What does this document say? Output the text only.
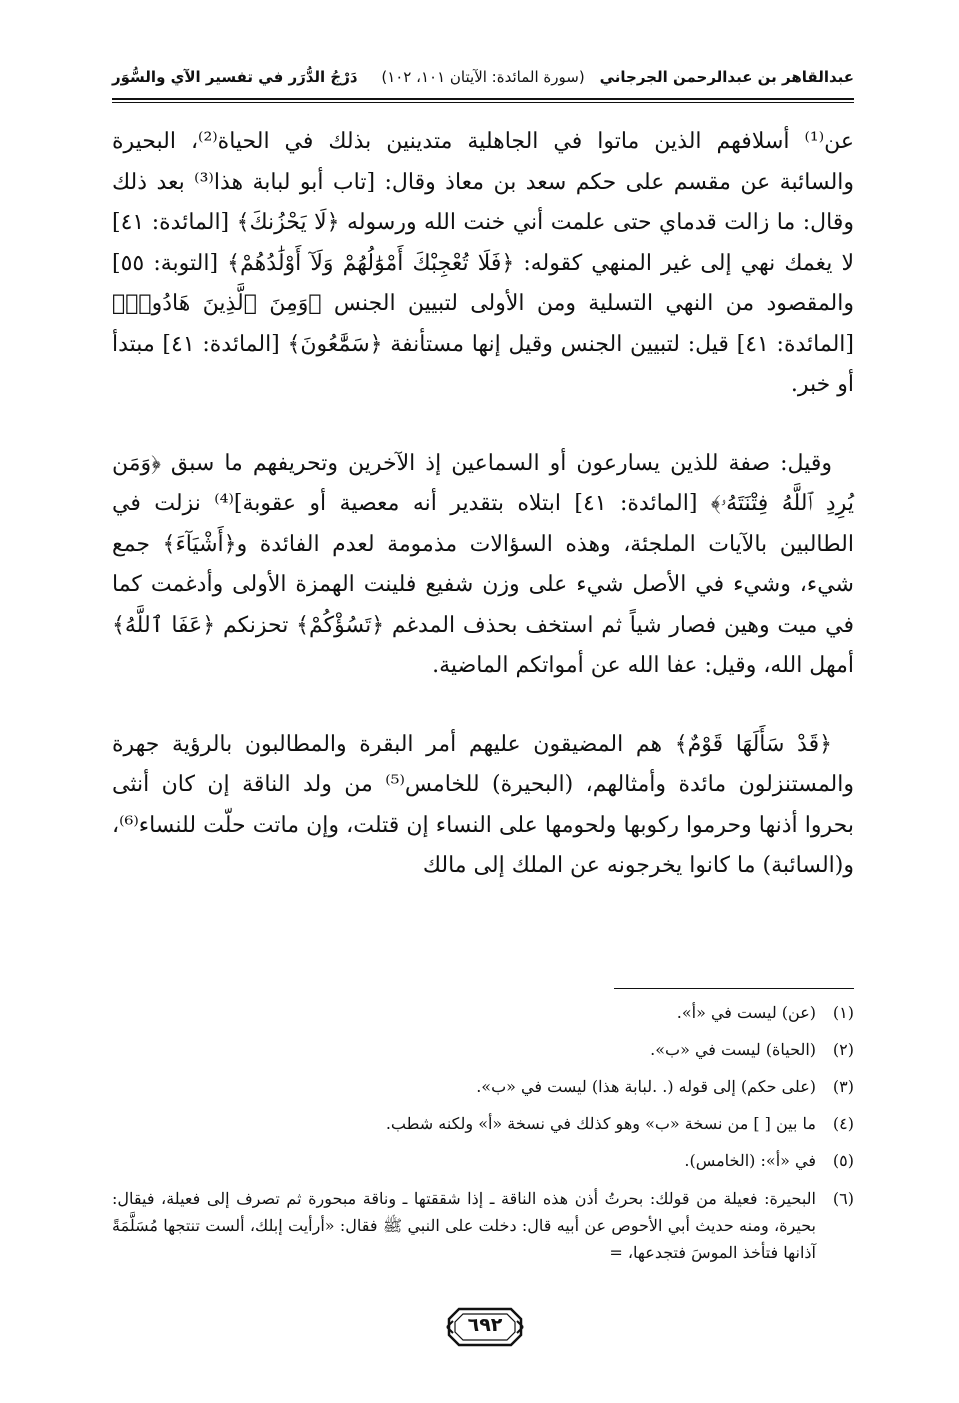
عبدالقاهر بن عبدالرحمن الجرجاني
(سورة المائدة: الآيتان ١٠١، ١٠٢)
دَرْجُ الدُّرَر في تفسير الآي والسُّوَر

عن⁽¹⁾ أسلافهم الذين ماتوا في الجاهلية متدينين بذلك في الحياة⁽²⁾، البحيرة والسائبة عن مقسم على حكم سعد بن معاذ وقال: [تاب أبو لبابة هذا⁽³⁾ بعد ذلك وقال: ما زالت قدماي حتى علمت أني خنت الله ورسوله ﴿لَا يَحْزُنكَ﴾ [المائدة: ٤١] لا يغمك نهي إلى غير المنهي كقوله: ﴿فَلَا تُعْجِبْكَ أَمْوَٰلُهُمْ وَلَآ أَوْلَٰدُهُمْ﴾ [التوبة: ٥٥] والمقصود من النهي التسلية ومن الأولى لتبيين الجنس ﴿وَمِنَ ٱلَّذِينَ هَادُوا۟﴾ [المائدة: ٤١] قيل: لتبيين الجنس وقيل إنها مستأنفة ﴿سَمَّٰعُونَ﴾ [المائدة: ٤١] مبتدأ أو خبر.

وقيل: صفة للذين يسارعون أو السماعين إذ الآخرين وتحريفهم ما سبق ﴿وَمَن يُرِدِ ٱللَّهُ فِتْنَتَهُۥ﴾ [المائدة: ٤١] ابتلاه بتقدير أنه معصية أو عقوبة]⁽⁴⁾ نزلت في الطالبين بالآيات الملجئة، وهذه السؤالات مذمومة لعدم الفائدة و﴿أَشْيَآءَ﴾ جمع شيء، وشيء في الأصل شيء على وزن شفيع فلينت الهمزة الأولى وأدغمت كما في ميت وهين فصار شياً ثم استخف بحذف المدغم ﴿تَسُؤْكُمْ﴾ تحزنكم ﴿عَفَا ٱللَّهُ﴾ أمهل الله، وقيل: عفا الله عن أمواتكم الماضية.

﴿قَدْ سَأَلَهَا قَوْمٌ﴾ هم المضيقون عليهم أمر البقرة والمطالبون بالرؤية جهرة والمستنزلون مائدة وأمثالهم، (البحيرة) للخامس⁽⁵⁾ من ولد الناقة إن كان أنثى بحروا أذنها وحرموا ركوبها ولحومها على النساء إن قتلت، وإن ماتت حلّت للنساء⁽⁶⁾، و(السائبة) ما كانوا يخرجونه عن الملك إلى مالك

(١)
(عن) ليست في «أ».
(٢)
(الحياة) ليست في «ب».
(٣)
(على حكم) إلى قوله (. .لبابة هذا) ليست في «ب».
(٤)
ما بين [ ] من نسخة «ب» وهو كذلك في نسخة «أ» ولكنه شطب.
(٥)
في «أ»: (الخامس).
(٦)
البحيرة: فعيلة من قولك: بحرتُ أذن هذه الناقة ـ إذا شققتها ـ وناقة مبحورة ثم تصرف إلى فعيلة، فيقال: بحيرة، ومنه حديث أبي الأحوص عن أبيه قال: دخلت على النبي ﷺ فقال: «أرأيت إبلك، ألست تنتجها مُسَلَّمَةً آذانها فتأخذ الموسَ فتجدعها، =
٦٩٢
